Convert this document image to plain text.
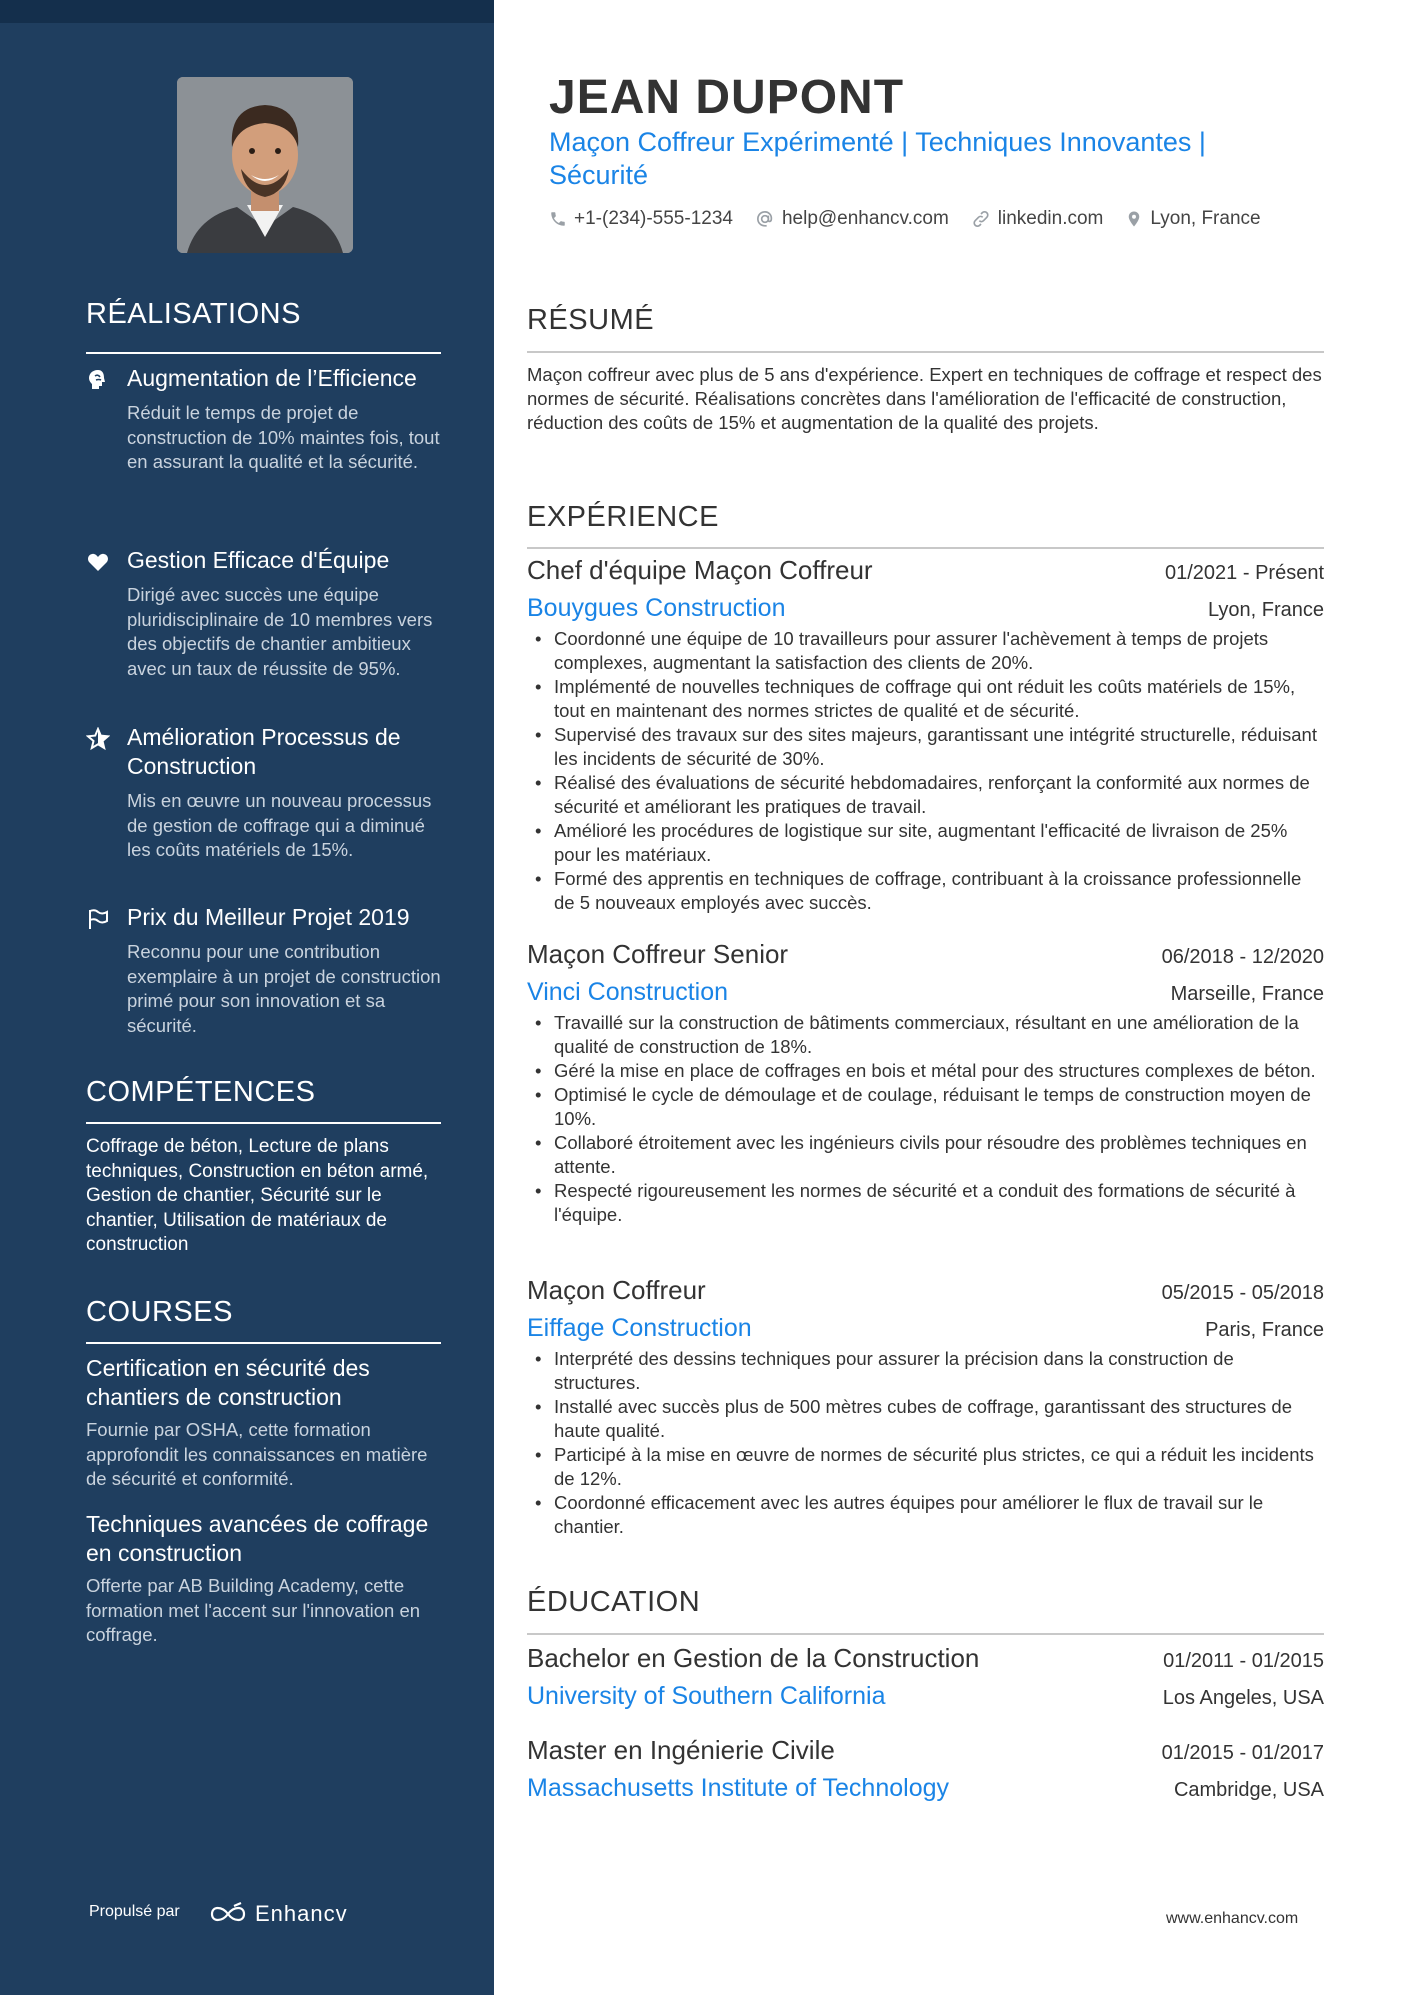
RÉALISATIONS
Augmentation de l’Efficience
Réduit le temps de projet de construction de 10% maintes fois, tout en assurant la qualité et la sécurité.
Gestion Efficace d'Équipe
Dirigé avec succès une équipe pluridisciplinaire de 10 membres vers des objectifs de chantier ambitieux avec un taux de réussite de 95%.
Amélioration Processus de Construction
Mis en œuvre un nouveau processus de gestion de coffrage qui a diminué les coûts matériels de 15%.
Prix du Meilleur Projet 2019
Reconnu pour une contribution exemplaire à un projet de construction primé pour son innovation et sa sécurité.
COMPÉTENCES
Coffrage de béton, Lecture de plans techniques, Construction en béton armé, Gestion de chantier, Sécurité sur le chantier, Utilisation de matériaux de construction
COURSES
Certification en sécurité des chantiers de construction
Fournie par OSHA, cette formation approfondit les connaissances en matière de sécurité et conformité.
Techniques avancées de coffrage en construction
Offerte par AB Building Academy, cette formation met l'accent sur l'innovation en coffrage.
Propulsé par	Enhancv
JEAN DUPONT
Maçon Coffreur Expérimenté | Techniques Innovantes | Sécurité
+1-(234)-555-1234	help@enhancv.com	linkedin.com Lyon, France
RÉSUMÉ
Maçon coffreur avec plus de 5 ans d'expérience. Expert en techniques de coffrage et respect des normes de sécurité. Réalisations concrètes dans l'amélioration de l'efficacité de construction, réduction des coûts de 15% et augmentation de la qualité des projets.
EXPÉRIENCE
Chef d'équipe Maçon Coffreur	01/2021 - Présent
Bouygues Construction	Lyon, France
• Coordonné une équipe de 10 travailleurs pour assurer l'achèvement à temps de projets complexes, augmentant la satisfaction des clients de 20%.
• Implémenté de nouvelles techniques de coffrage qui ont réduit les coûts matériels de 15%, tout en maintenant des normes strictes de qualité et de sécurité.
• Supervisé des travaux sur des sites majeurs, garantissant une intégrité structurelle, réduisant les incidents de sécurité de 30%.
• Réalisé des évaluations de sécurité hebdomadaires, renforçant la conformité aux normes de sécurité et améliorant les pratiques de travail.
• Amélioré les procédures de logistique sur site, augmentant l'efficacité de livraison de 25% pour les matériaux.
• Formé des apprentis en techniques de coffrage, contribuant à la croissance professionnelle de 5 nouveaux employés avec succès.
Maçon Coffreur Senior	06/2018 - 12/2020
Vinci Construction	Marseille, France
• Travaillé sur la construction de bâtiments commerciaux, résultant en une amélioration de la qualité de construction de 18%.
• Géré la mise en place de coffrages en bois et métal pour des structures complexes de béton.
• Optimisé le cycle de démoulage et de coulage, réduisant le temps de construction moyen de 10%.
• Collaboré étroitement avec les ingénieurs civils pour résoudre des problèmes techniques en attente.
• Respecté rigoureusement les normes de sécurité et a conduit des formations de sécurité à l'équipe.
Maçon Coffreur	05/2015 - 05/2018
Eiffage Construction	Paris, France
• Interprété des dessins techniques pour assurer la précision dans la construction de structures.
• Installé avec succès plus de 500 mètres cubes de coffrage, garantissant des structures de haute qualité.
• Participé à la mise en œuvre de normes de sécurité plus strictes, ce qui a réduit les incidents de 12%.
• Coordonné efficacement avec les autres équipes pour améliorer le flux de travail sur le chantier.
ÉDUCATION
Bachelor en Gestion de la Construction	01/2011 - 01/2015
University of Southern California	Los Angeles, USA
Master en Ingénierie Civile	01/2015 - 01/2017
Massachusetts Institute of Technology	Cambridge, USA
www.enhancv.com
